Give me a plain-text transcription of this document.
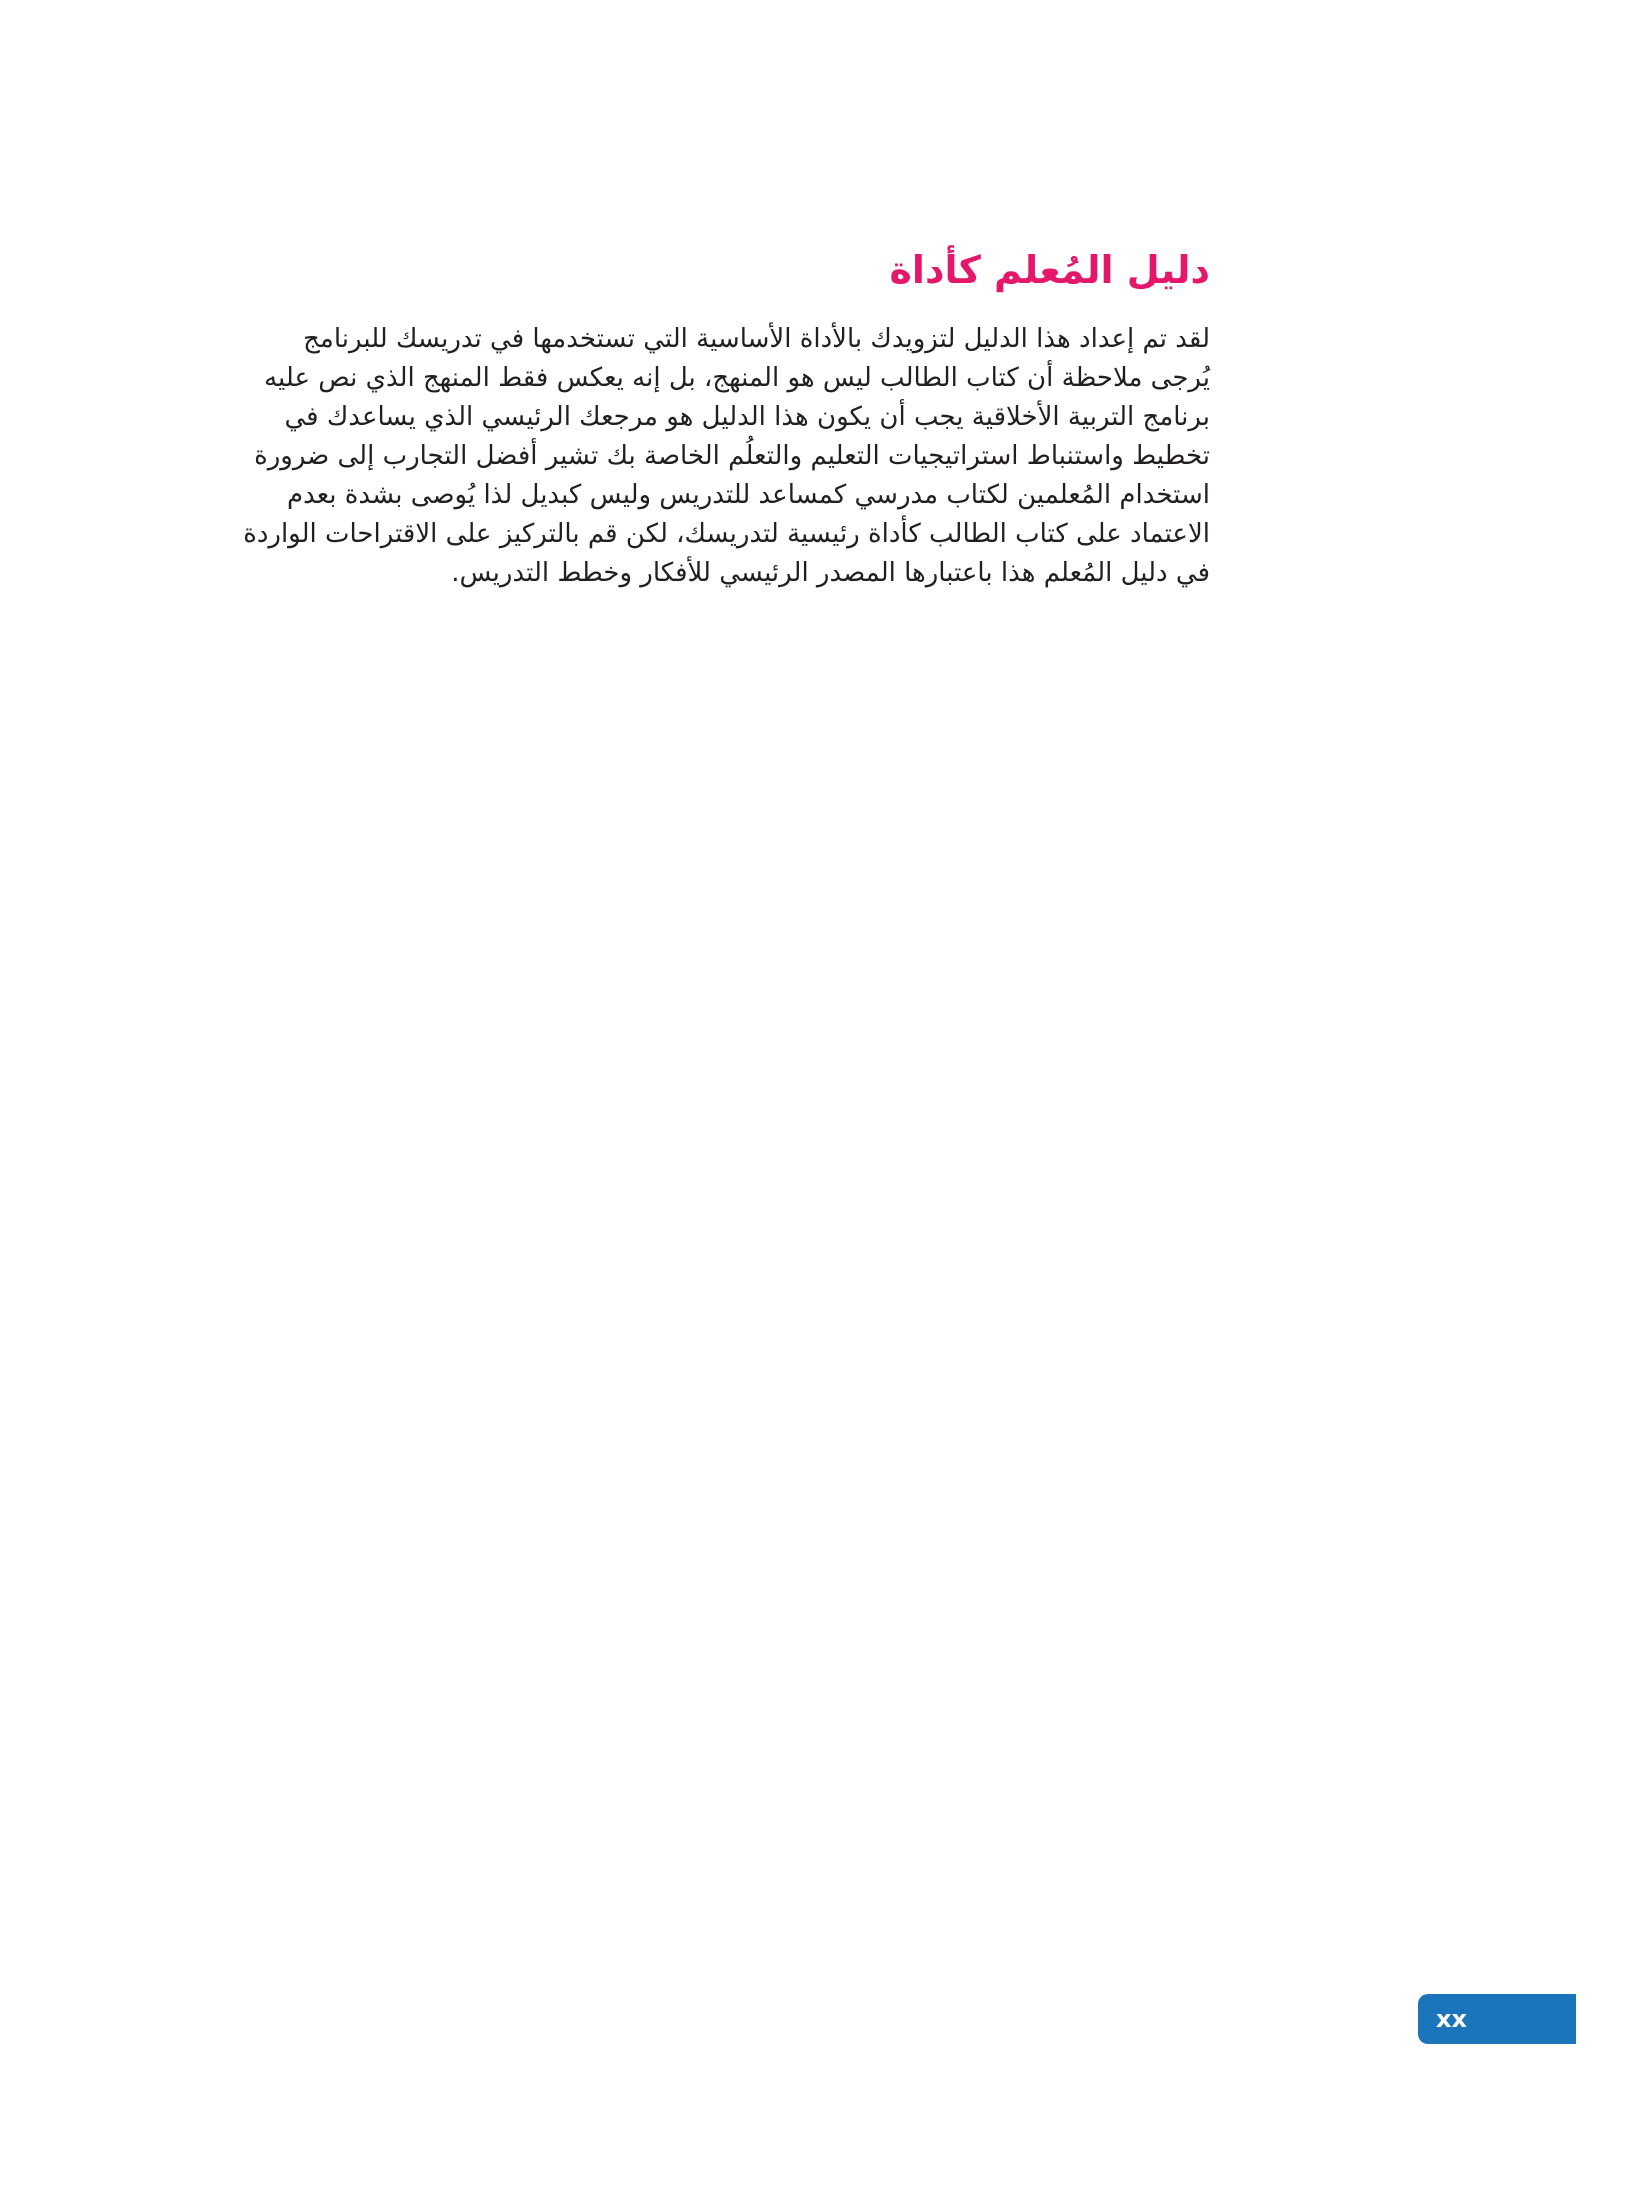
دليل المُعلم كأداة

لقد تم إعداد هذا الدليل لتزويدك بالأداة الأساسية التي تستخدمها في تدريسك للبرنامج
يُرجى ملاحظة أن كتاب الطالب ليس هو المنهج، بل إنه يعكس فقط المنهج الذي نص عليه
برنامج التربية الأخلاقية يجب أن يكون هذا الدليل هو مرجعك الرئيسي الذي يساعدك في
تخطيط واستنباط استراتيجيات التعليم والتعلُم الخاصة بك تشير أفضل التجارب إلى ضرورة
استخدام المُعلمين لكتاب مدرسي كمساعد للتدريس وليس كبديل لذا يُوصى بشدة بعدم
الاعتماد على كتاب الطالب كأداة رئيسية لتدريسك، لكن قم بالتركيز على الاقتراحات الواردة
في دليل المُعلم هذا باعتبارها المصدر الرئيسي للأفكار وخطط التدريس.

xx
